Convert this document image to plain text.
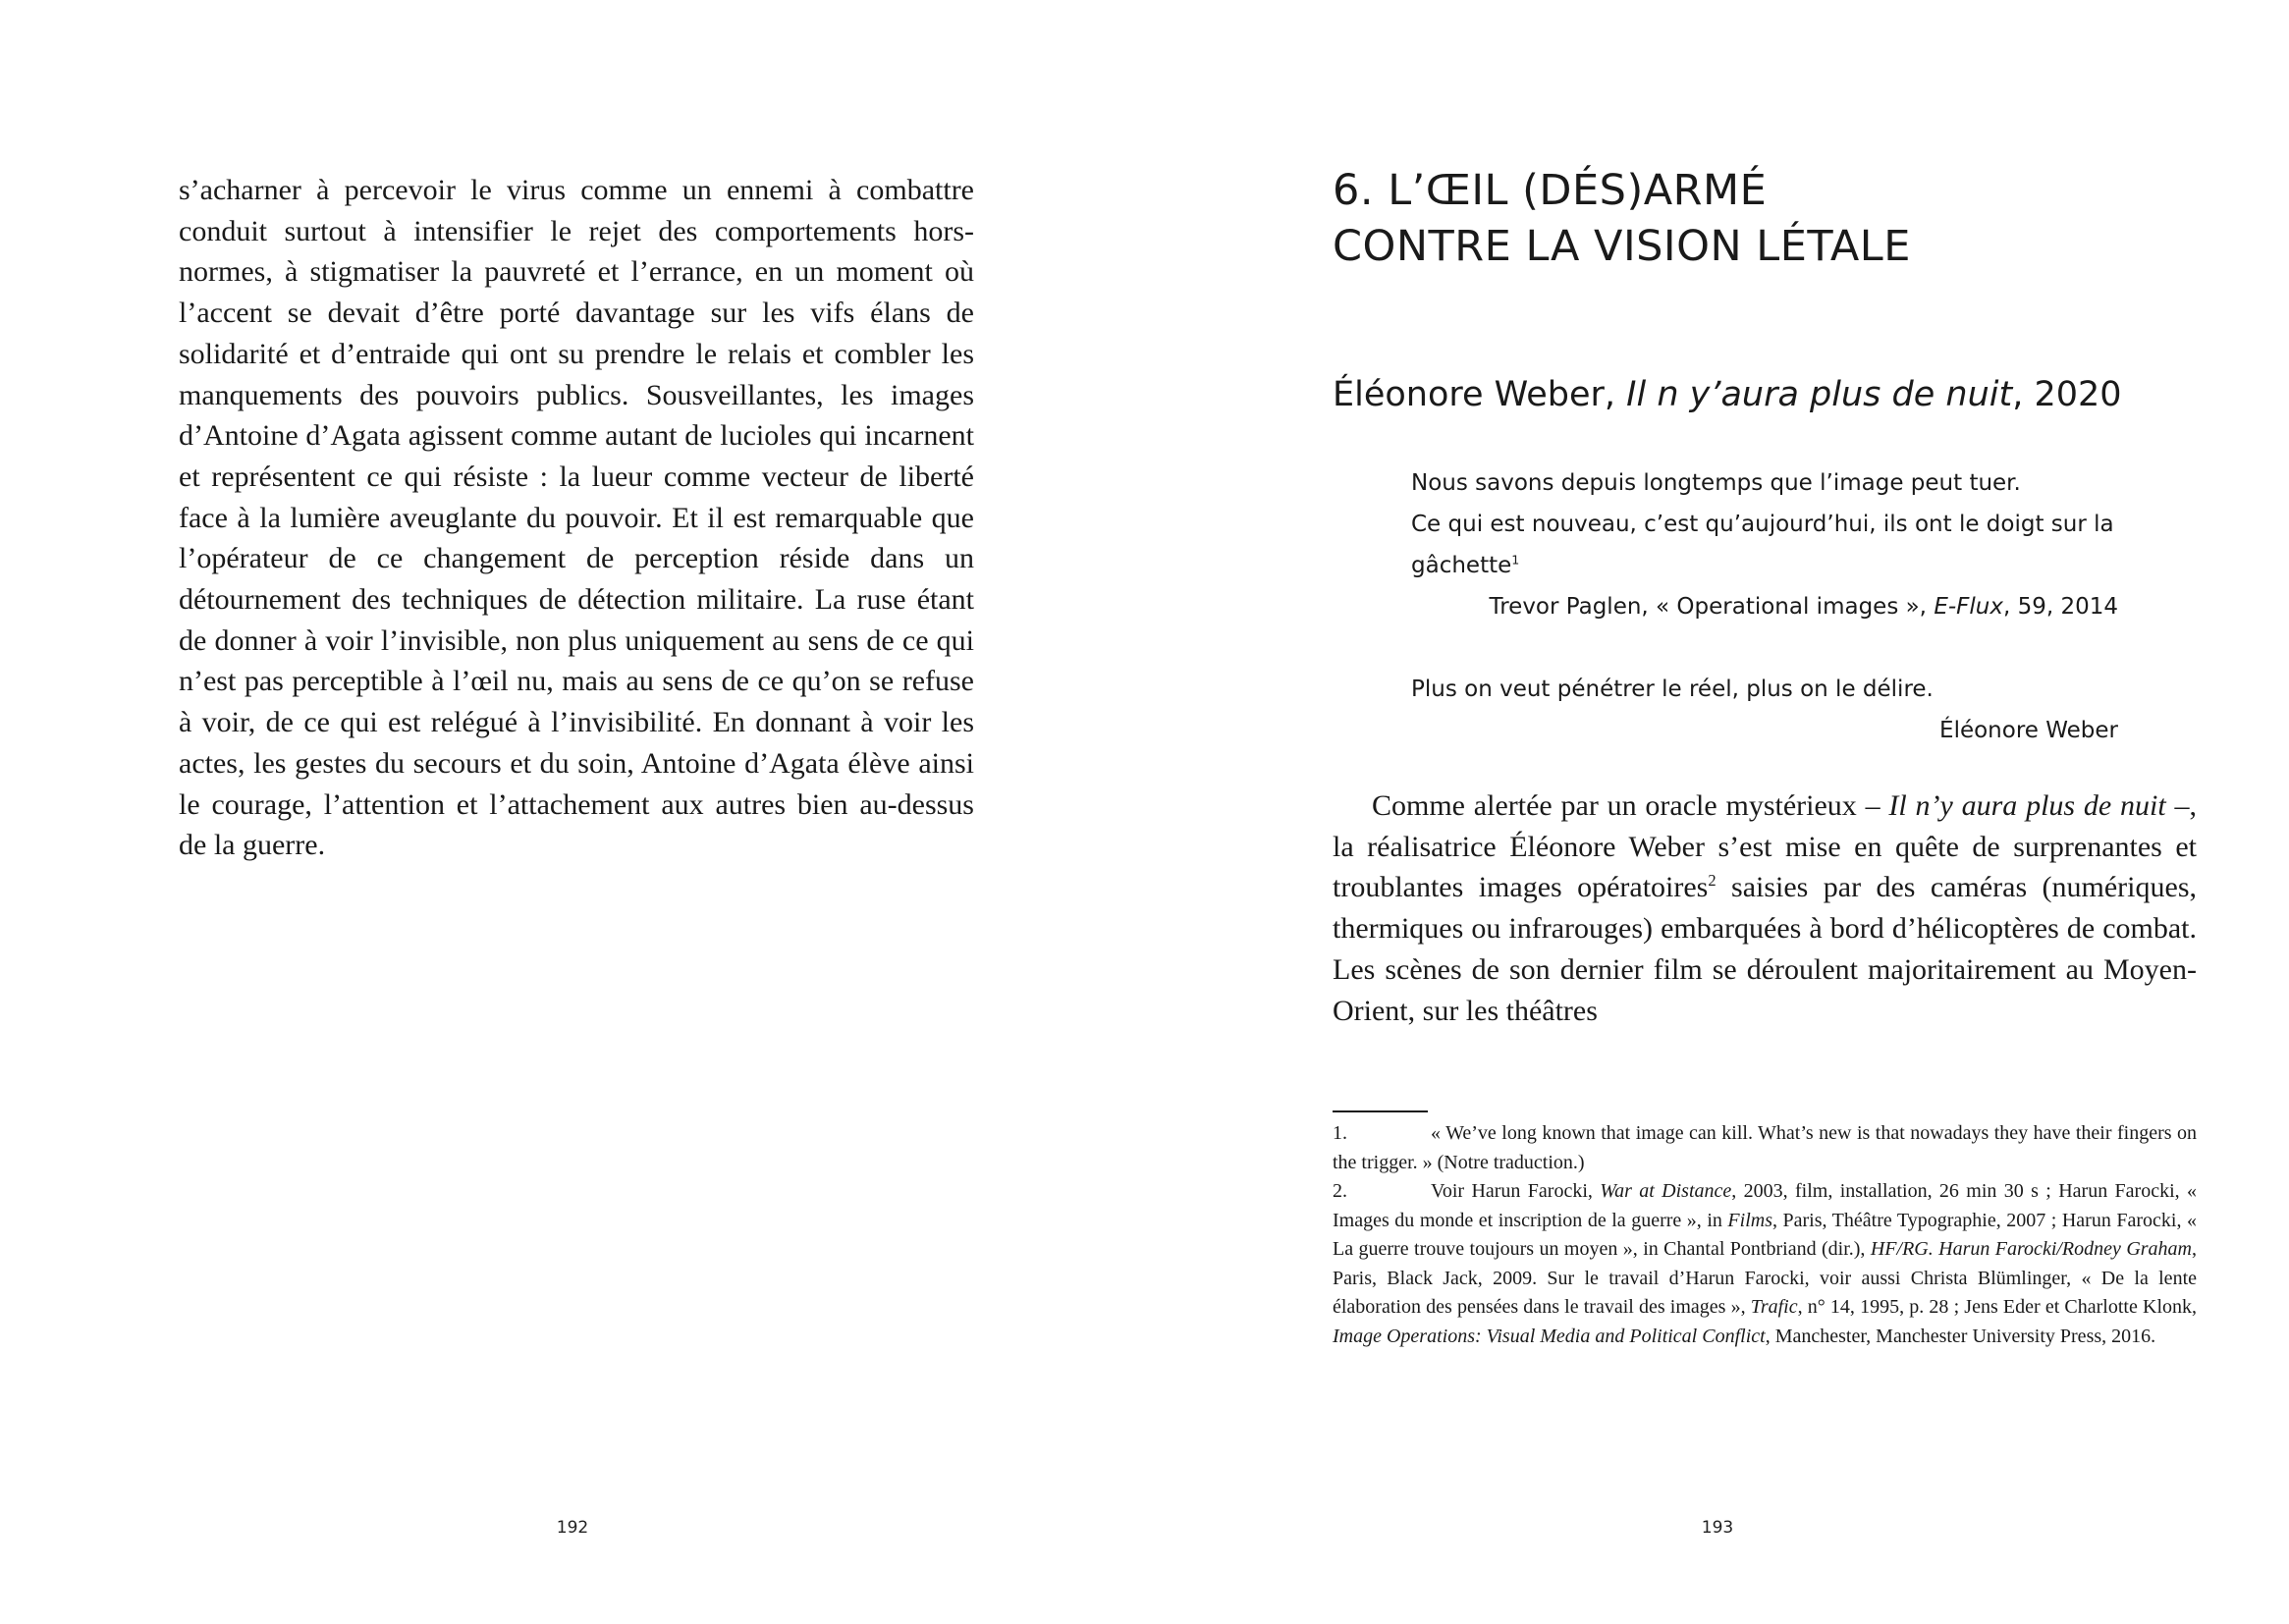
s’acharner à percevoir le virus comme un ennemi à combattre conduit surtout à intensifier le rejet des comportements hors-normes, à stigmatiser la pauvreté et l’errance, en un moment où l’accent se devait d’être porté davantage sur les vifs élans de solidarité et d’entraide qui ont su prendre le relais et combler les manquements des pouvoirs publics. Sousveillantes, les images d’Antoine d’Agata agissent comme autant de lucioles qui incarnent et représentent ce qui résiste : la lueur comme vecteur de liberté face à la lumière aveuglante du pouvoir. Et il est remarquable que l’opérateur de ce changement de perception réside dans un détournement des techniques de détection militaire. La ruse étant de donner à voir l’invisible, non plus uniquement au sens de ce qui n’est pas perceptible à l’œil nu, mais au sens de ce qu’on se refuse à voir, de ce qui est relégué à l’invisibilité. En donnant à voir les actes, les gestes du secours et du soin, Antoine d’Agata élève ainsi le courage, l’attention et l’attachement aux autres bien au-dessus de la guerre.

192
6. L’ŒIL (DÉS)ARMÉ
CONTRE LA VISION LÉTALE
Éléonore Weber, Il n y’aura plus de nuit, 2020

Nous savons depuis longtemps que l’image peut tuer.

Ce qui est nouveau, c’est qu’aujourd’hui, ils ont le doigt sur la gâchette$^1$

Trevor Paglen, « Operational images », E-Flux, 59, 2014

Plus on veut pénétrer le réel, plus on le délire.

Éléonore Weber

Comme alertée par un oracle mystérieux – Il n’y aura plus de nuit –, la réalisatrice Éléonore Weber s’est mise en quête de surprenantes et troublantes images opératoires$^2$ saisies par des caméras (numériques, thermiques ou infrarouges) embarquées à bord d’hélicoptères de combat. Les scènes de son dernier film se déroulent majoritairement au Moyen-Orient, sur les théâtres

1.	« We’ve long known that image can kill. What’s new is that nowadays they have their fingers on the trigger. » (Notre traduction.)

2.	Voir Harun Farocki, War at Distance, 2003, film, installation, 26 min 30 s ; Harun Farocki, « Images du monde et inscription de la guerre », in Films, Paris, Théâtre Typographie, 2007 ; Harun Farocki, « La guerre trouve toujours un moyen », in Chantal Pontbriand (dir.), HF/RG. Harun Farocki/Rodney Graham, Paris, Black Jack, 2009. Sur le travail d’Harun Farocki, voir aussi Christa Blümlinger, « De la lente élaboration des pensées dans le travail des images », Trafic, n° 14, 1995, p. 28 ; Jens Eder et Charlotte Klonk, Image Operations: Visual Media and Political Conflict, Manchester, Manchester University Press, 2016.

193
